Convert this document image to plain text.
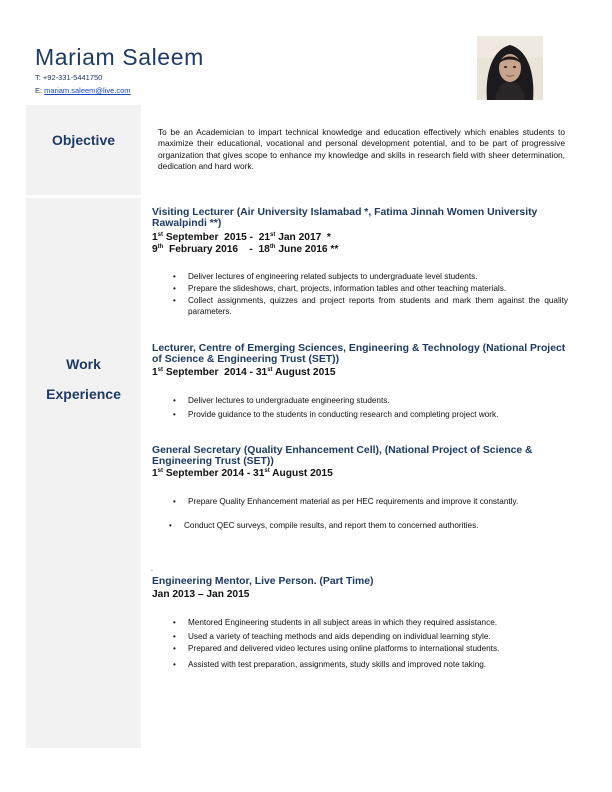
Mariam Saleem
T: +92-331-5441750
E: mariam.saleem@live.com
Objective
Work
Experience
To be an Academician to impart technical knowledge and education effectively which enables students to maximize their educational, vocational and personal development potential, and to be part of progressive organization that gives scope to enhance my knowledge and skills in research field with sheer determination, dedication and hard work.
Visiting Lecturer (Air University Islamabad *, Fatima Jinnah Women University Rawalpindi **)
1st September  2015 -  21st Jan 2017  *
9th  February 2016    -  18th June 2016 **
• Deliver lectures of engineering related subjects to undergraduate level students.
• Prepare the slideshows, chart, projects, information tables and other teaching materials.
• Collect assignments, quizzes and project reports from students and mark them against the quality parameters.
Lecturer, Centre of Emerging Sciences, Engineering & Technology (National Project of Science & Engineering Trust (SET))
1st September  2014 - 31st August 2015
• Deliver lectures to undergraduate engineering students.
• Provide guidance to the students in conducting research and completing project work.
General Secretary (Quality Enhancement Cell), (National Project of Science & Engineering Trust (SET))
1st September 2014 - 31st August 2015
• Prepare Quality Enhancement material as per HEC requirements and improve it constantly.
• Conduct QEC surveys, compile results, and report them to concerned authorities.
.
Engineering Mentor, Live Person. (Part Time)
Jan 2013 – Jan 2015
• Mentored Engineering students in all subject areas in which they required assistance.
• Used a variety of teaching methods and aids depending on individual learning style.
• Prepared and delivered video lectures using online platforms to international students.
• Assisted with test preparation, assignments, study skills and improved note taking.
